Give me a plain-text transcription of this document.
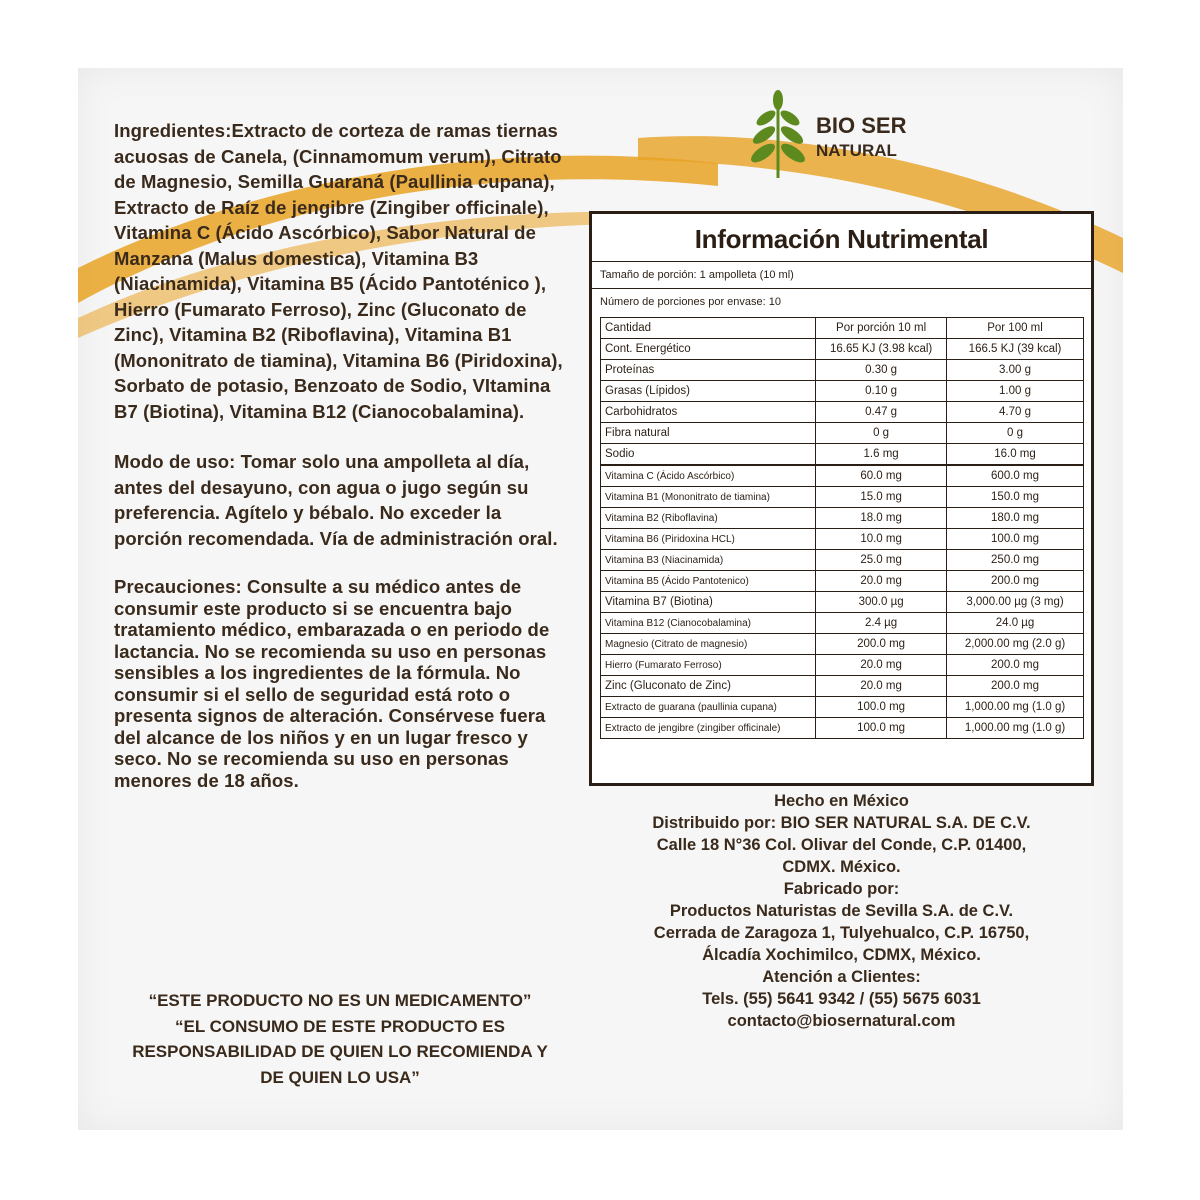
Ingredientes:Extracto de corteza de ramas tiernas acuosas de Canela, (Cinnamomum verum), Citrato de Magnesio, Semilla Guaraná (Paullinia cupana), Extracto de Raíz de jengibre (Zingiber officinale), Vitamina C (Ácido Ascórbico), Sabor Natural de Manzana (Malus domestica), Vitamina B3 (Niacinamida), Vitamina B5 (Ácido Pantoténico ), Hierro (Fumarato Ferroso), Zinc (Gluconato de Zinc), Vitamina B2 (Riboflavina), Vitamina B1 (Mononitrato de tiamina), Vitamina B6 (Piridoxina), Sorbato de potasio, Benzoato de Sodio, VItamina B7 (Biotina), Vitamina B12 (Cianocobalamina).

Modo de uso: Tomar solo una ampolleta al día, antes del desayuno, con agua o jugo según su preferencia. Agítelo y bébalo. No exceder la porción recomendada. Vía de administración oral.

Precauciones: Consulte a su médico antes de consumir este producto si se encuentra bajo tratamiento médico, embarazada o en periodo de lactancia. No se recomienda su uso en personas sensibles a los ingredientes de la fórmula. No consumir si el sello de seguridad está roto o presenta signos de alteración. Consérvese fuera del alcance de los niños y en un lugar fresco y seco. No se recomienda su uso en personas menores de 18 años.

“ESTE PRODUCTO NO ES UN MEDICAMENTO”
“EL CONSUMO DE ESTE PRODUCTO ES
RESPONSABILIDAD DE QUIEN LO RECOMIENDA Y
DE QUIEN LO USA”
BIO SER
NATURAL
Información Nutrimental
Tamaño de porción: 1 ampolleta (10 ml)
Número de porciones por envase: 10
Cantidad	Por porción 10 ml	Por 100 ml
Cont. Energético	16.65 KJ (3.98 kcal)	166.5 KJ (39 kcal)
Proteínas	0.30 g	3.00 g
Grasas (Lípidos)	0.10 g	1.00 g
Carbohidratos	0.47 g	4.70 g
Fibra natural	0 g	0 g
Sodio	1.6 mg	16.0 mg
Vitamina C (Ácido Ascórbico)	60.0 mg	600.0 mg
Vitamina B1 (Mononitrato de tiamina)	15.0 mg	150.0 mg
Vitamina B2 (Riboflavina)	18.0 mg	180.0 mg
Vitamina B6 (Piridoxina HCL)	10.0 mg	100.0 mg
Vitamina B3 (Niacinamida)	25.0 mg	250.0 mg
Vitamina B5 (Ácido Pantotenico)	20.0 mg	200.0 mg
Vitamina B7 (Biotina)	300.0 µg	3,000.00 µg (3 mg)
Vitamina B12 (Cianocobalamina)	2.4 µg	24.0 µg
Magnesio (Citrato de magnesio)	200.0 mg	2,000.00 mg (2.0 g)
Hierro (Fumarato Ferroso)	20.0 mg	200.0 mg
Zinc (Gluconato de Zinc)	20.0 mg	200.0 mg
Extracto de guarana (paullinia cupana)	100.0 mg	1,000.00 mg (1.0 g)
Extracto de jengibre (zingiber officinale)	100.0 mg	1,000.00 mg (1.0 g)
Hecho en México
Distribuido por: BIO SER NATURAL S.A. DE C.V.
Calle 18 N°36 Col. Olivar del Conde, C.P. 01400,
CDMX. México.
Fabricado por:
Productos Naturistas de Sevilla S.A. de C.V.
Cerrada de Zaragoza 1, Tulyehualco, C.P. 16750,
Álcadía Xochimilco, CDMX, México.
Atención a Clientes:
Tels. (55) 5641 9342 / (55) 5675 6031
contacto@biosernatural.com
